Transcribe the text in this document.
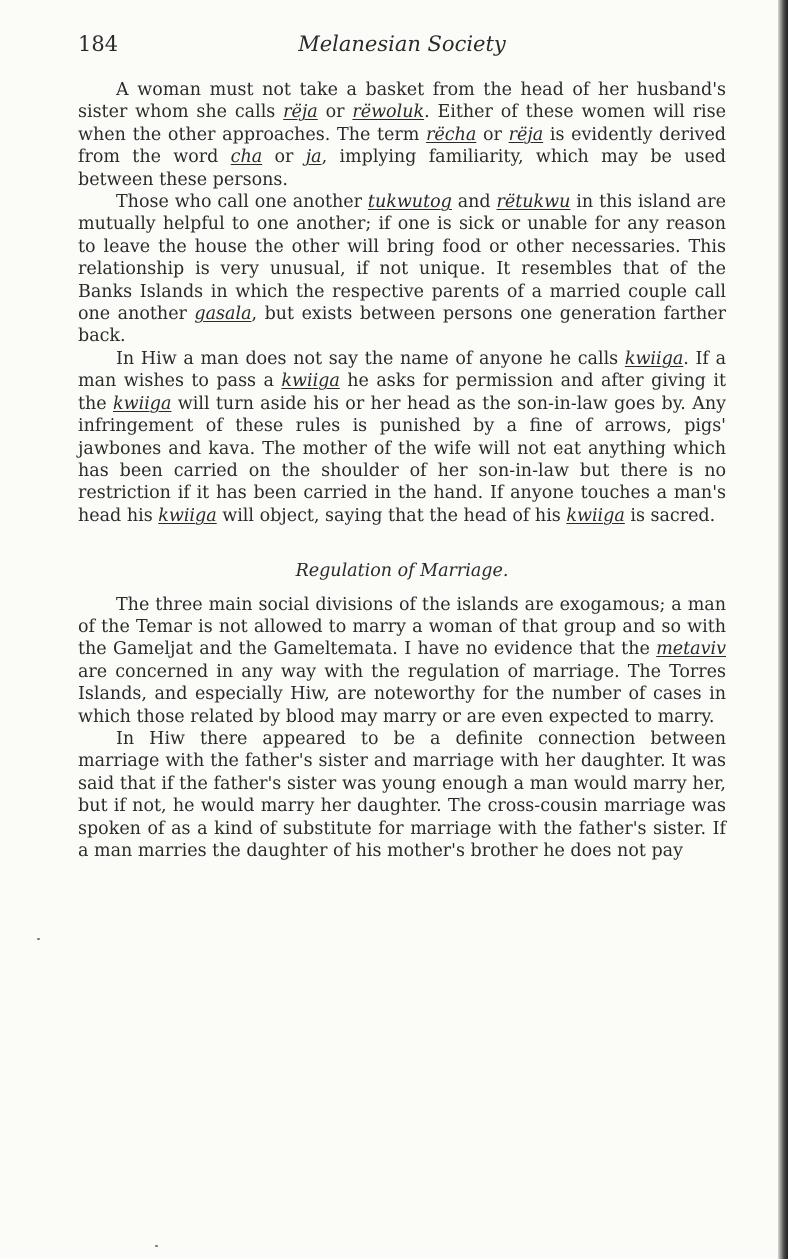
184	Melanesian Society

A woman must not take a basket from the head of her husband's sister whom she calls rëja or rëwoluk. Either of these women will rise when the other approaches. The term rëcha or rëja is evidently derived from the word cha or ja, implying familiarity, which may be used between these persons.

Those who call one another tukwutog and rëtukwu in this island are mutually helpful to one another; if one is sick or unable for any reason to leave the house the other will bring food or other necessaries. This relationship is very unusual, if not unique. It resembles that of the Banks Islands in which the respective parents of a married couple call one another gasala, but exists between persons one generation farther back.

In Hiw a man does not say the name of anyone he calls kwiiga. If a man wishes to pass a kwiiga he asks for permission and after giving it the kwiiga will turn aside his or her head as the son-in-law goes by. Any infringement of these rules is punished by a fine of arrows, pigs' jawbones and kava. The mother of the wife will not eat anything which has been carried on the shoulder of her son-in-law but there is no restriction if it has been carried in the hand. If anyone touches a man's head his kwiiga will object, saying that the head of his kwiiga is sacred.

Regulation of Marriage.

The three main social divisions of the islands are exogamous; a man of the Temar is not allowed to marry a woman of that group and so with the Gameljat and the Gameltemata. I have no evidence that the metaviv are concerned in any way with the regulation of marriage. The Torres Islands, and especially Hiw, are noteworthy for the number of cases in which those related by blood may marry or are even expected to marry.

In Hiw there appeared to be a definite connection between marriage with the father's sister and marriage with her daughter. It was said that if the father's sister was young enough a man would marry her, but if not, he would marry her daughter. The cross-cousin marriage was spoken of as a kind of substitute for marriage with the father's sister. If a man marries the daughter of his mother's brother he does not pay
